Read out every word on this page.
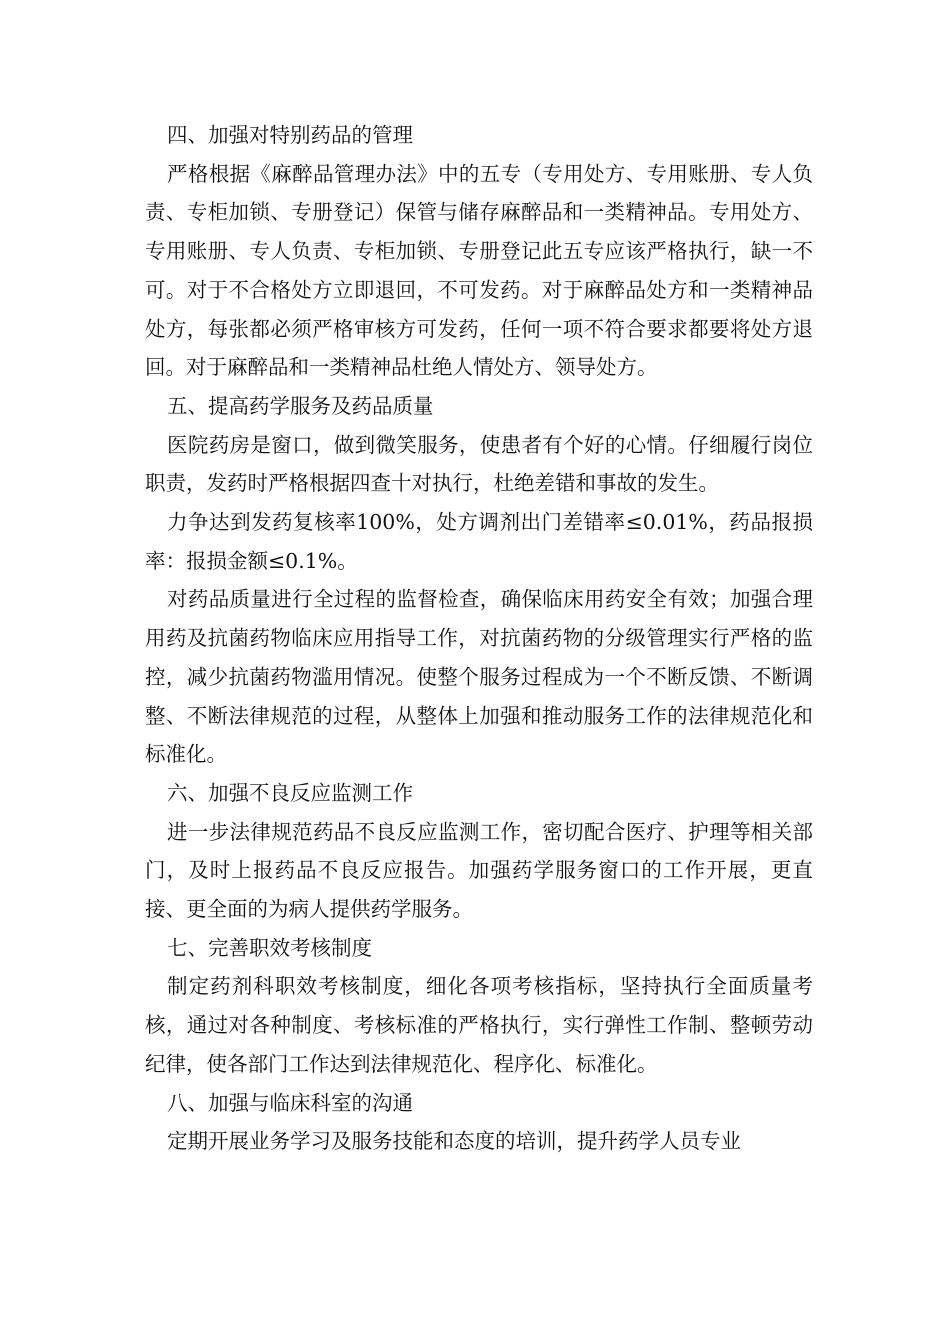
四、加强对特别药品的管理

严格根据《麻醉品管理办法》中的五专（专用处方、专用账册、专人负责、专柜加锁、专册登记）保管与储存麻醉品和一类精神品。专用处方、专用账册、专人负责、专柜加锁、专册登记此五专应该严格执行，缺一不可。对于不合格处方立即退回，不可发药。对于麻醉品处方和一类精神品处方，每张都必须严格审核方可发药，任何一项不符合要求都要将处方退回。对于麻醉品和一类精神品杜绝人情处方、领导处方。

五、提高药学服务及药品质量

医院药房是窗口，做到微笑服务，使患者有个好的心情。仔细履行岗位职责，发药时严格根据四查十对执行，杜绝差错和事故的发生。

力争达到发药复核率100%，处方调剂出门差错率≤0.01%，药品报损率：报损金额≤0.1%。

对药品质量进行全过程的监督检查，确保临床用药安全有效；加强合理用药及抗菌药物临床应用指导工作，对抗菌药物的分级管理实行严格的监控，减少抗菌药物滥用情况。使整个服务过程成为一个不断反馈、不断调整、不断法律规范的过程，从整体上加强和推动服务工作的法律规范化和标准化。

六、加强不良反应监测工作

进一步法律规范药品不良反应监测工作，密切配合医疗、护理等相关部门，及时上报药品不良反应报告。加强药学服务窗口的工作开展，更直接、更全面的为病人提供药学服务。

七、完善职效考核制度

制定药剂科职效考核制度，细化各项考核指标，坚持执行全面质量考核，通过对各种制度、考核标准的严格执行，实行弹性工作制、整顿劳动纪律，使各部门工作达到法律规范化、程序化、标准化。

八、加强与临床科室的沟通

定期开展业务学习及服务技能和态度的培训，提升药学人员专业
